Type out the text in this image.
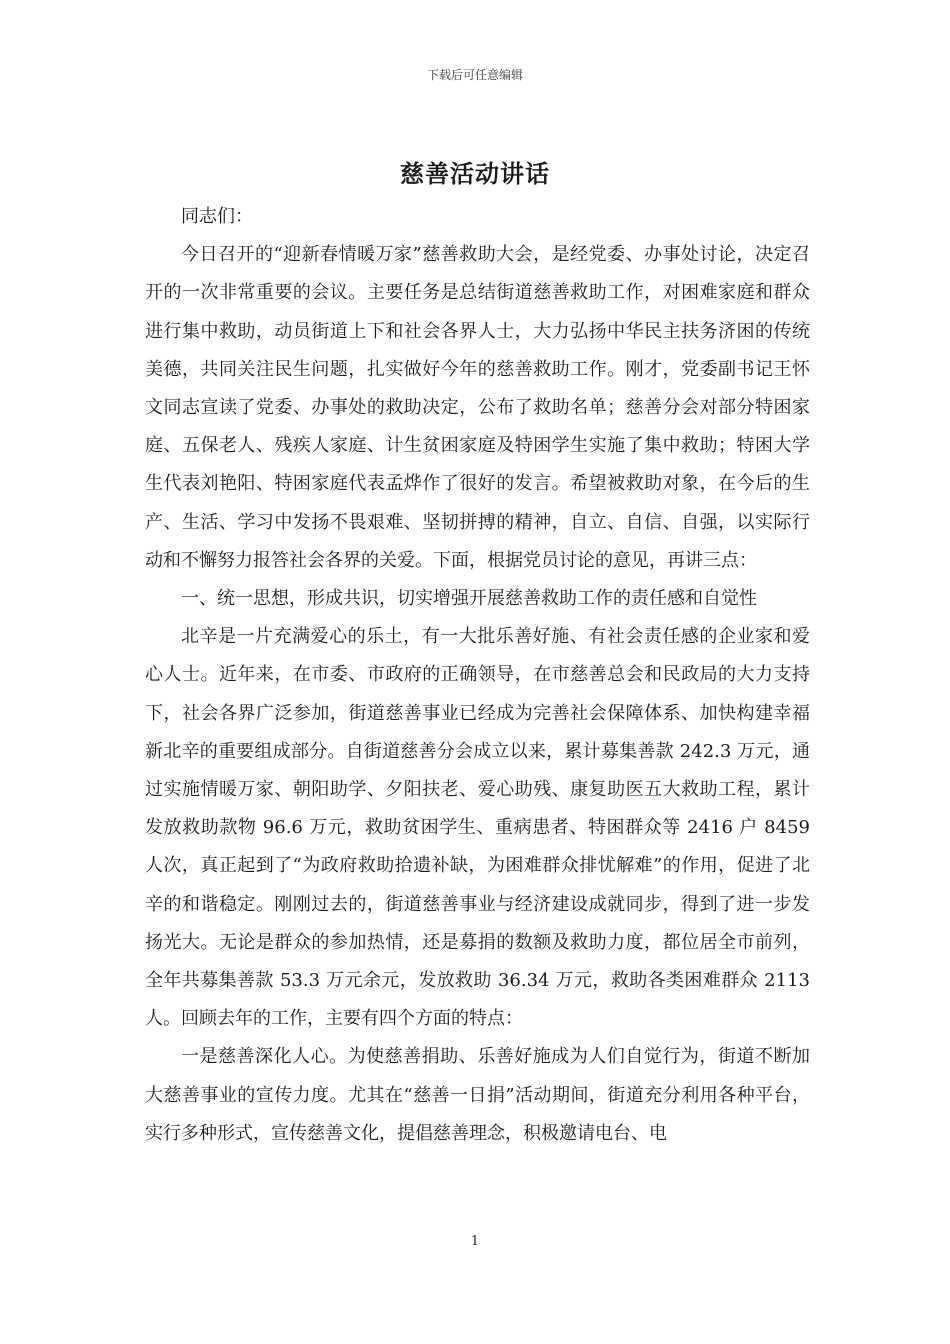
下载后可任意编辑
慈善活动讲话

同志们：

今日召开的“迎新春情暖万家”慈善救助大会，是经党委、办事处讨论，决定召开的一次非常重要的会议。主要任务是总结街道慈善救助工作，对困难家庭和群众进行集中救助，动员街道上下和社会各界人士，大力弘扬中华民主扶务济困的传统美德，共同关注民生问题，扎实做好今年的慈善救助工作。刚才，党委副书记王怀文同志宣读了党委、办事处的救助决定，公布了救助名单；慈善分会对部分特困家庭、五保老人、残疾人家庭、计生贫困家庭及特困学生实施了集中救助；特困大学生代表刘艳阳、特困家庭代表孟烨作了很好的发言。希望被救助对象，在今后的生产、生活、学习中发扬不畏艰难、坚韧拼搏的精神，自立、自信、自强，以实际行动和不懈努力报答社会各界的关爱。下面，根据党员讨论的意见，再讲三点：

一、统一思想，形成共识，切实增强开展慈善救助工作的责任感和自觉性

北辛是一片充满爱心的乐土，有一大批乐善好施、有社会责任感的企业家和爱心人士。近年来，在市委、市政府的正确领导，在市慈善总会和民政局的大力支持下，社会各界广泛参加，街道慈善事业已经成为完善社会保障体系、加快构建幸福新北辛的重要组成部分。自街道慈善分会成立以来，累计募集善款 242.3 万元，通过实施情暖万家、朝阳助学、夕阳扶老、爱心助残、康复助医五大救助工程，累计发放救助款物 96.6 万元，救助贫困学生、重病患者、特困群众等 2416 户 8459 人次，真正起到了“为政府救助拾遗补缺，为困难群众排忧解难”的作用，促进了北辛的和谐稳定。刚刚过去的，街道慈善事业与经济建设成就同步，得到了进一步发扬光大。无论是群众的参加热情，还是募捐的数额及救助力度，都位居全市前列，全年共募集善款 53.3 万元余元，发放救助 36.34 万元，救助各类困难群众 2113 人。回顾去年的工作，主要有四个方面的特点：

一是慈善深化人心。为使慈善捐助、乐善好施成为人们自觉行为，街道不断加大慈善事业的宣传力度。尤其在“慈善一日捐”活动期间，街道充分利用各种平台，实行多种形式，宣传慈善文化，提倡慈善理念，积极邀请电台、电

1
